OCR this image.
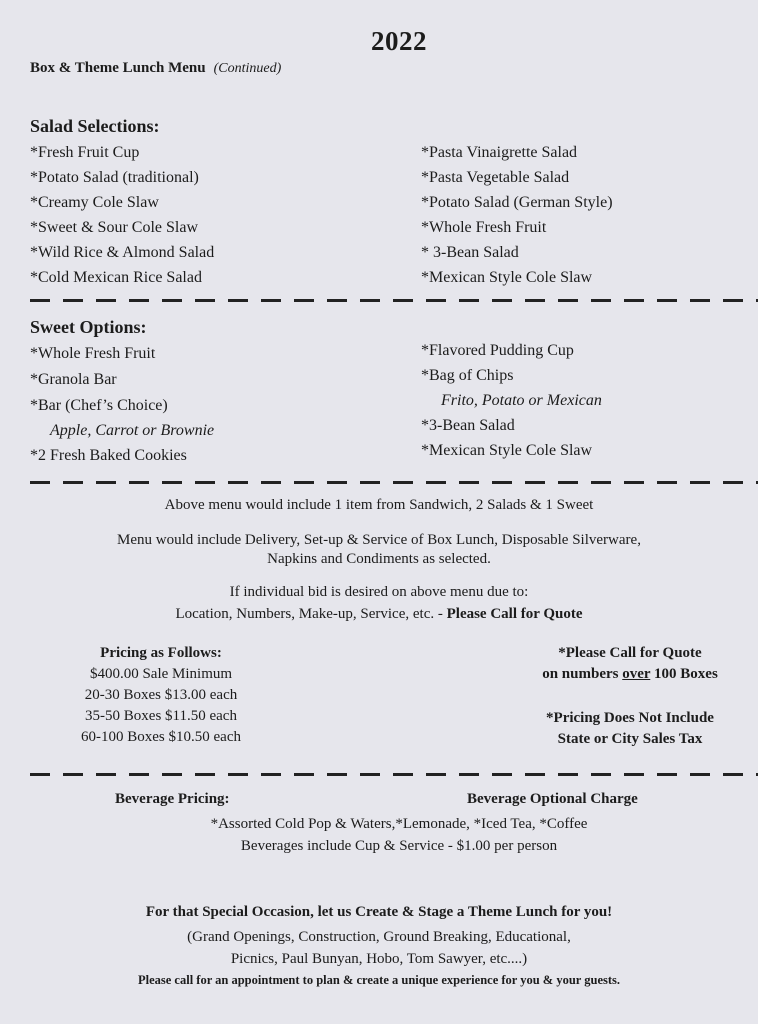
2022
Box & Theme Lunch Menu (Continued)
Salad Selections:
*Fresh Fruit Cup
*Potato Salad (traditional)
*Creamy Cole Slaw
*Sweet & Sour Cole Slaw
*Wild Rice & Almond Salad
*Cold Mexican Rice Salad
*Pasta Vinaigrette Salad
*Pasta Vegetable Salad
*Potato Salad (German Style)
*Whole Fresh Fruit
* 3-Bean Salad
*Mexican Style Cole Slaw
Sweet Options:
*Whole Fresh Fruit
*Granola Bar
*Bar (Chef’s Choice)
Apple, Carrot or Brownie
*2 Fresh Baked Cookies
*Flavored Pudding Cup
*Bag of Chips
Frito, Potato or Mexican
*3-Bean Salad
*Mexican Style Cole Slaw
Above menu would include 1 item from Sandwich, 2 Salads & 1 Sweet
Menu would include Delivery, Set-up & Service of Box Lunch, Disposable Silverware,
Napkins and Condiments as selected.
If individual bid is desired on above menu due to:
Location, Numbers, Make-up, Service, etc. - Please Call for Quote
Pricing as Follows:
$400.00 Sale Minimum
20-30 Boxes $13.00 each
35-50 Boxes $11.50 each
60-100 Boxes $10.50 each
*Please Call for Quote
on numbers over 100 Boxes
*Pricing Does Not Include
State or City Sales Tax
Beverage Pricing:	Beverage Optional Charge
*Assorted Cold Pop & Waters,*Lemonade, *Iced Tea, *Coffee
Beverages include Cup & Service - $1.00 per person
For that Special Occasion, let us Create & Stage a Theme Lunch for you!
(Grand Openings, Construction, Ground Breaking, Educational,
Picnics, Paul Bunyan, Hobo, Tom Sawyer, etc....)
Please call for an appointment to plan & create a unique experience for you & your guests.
